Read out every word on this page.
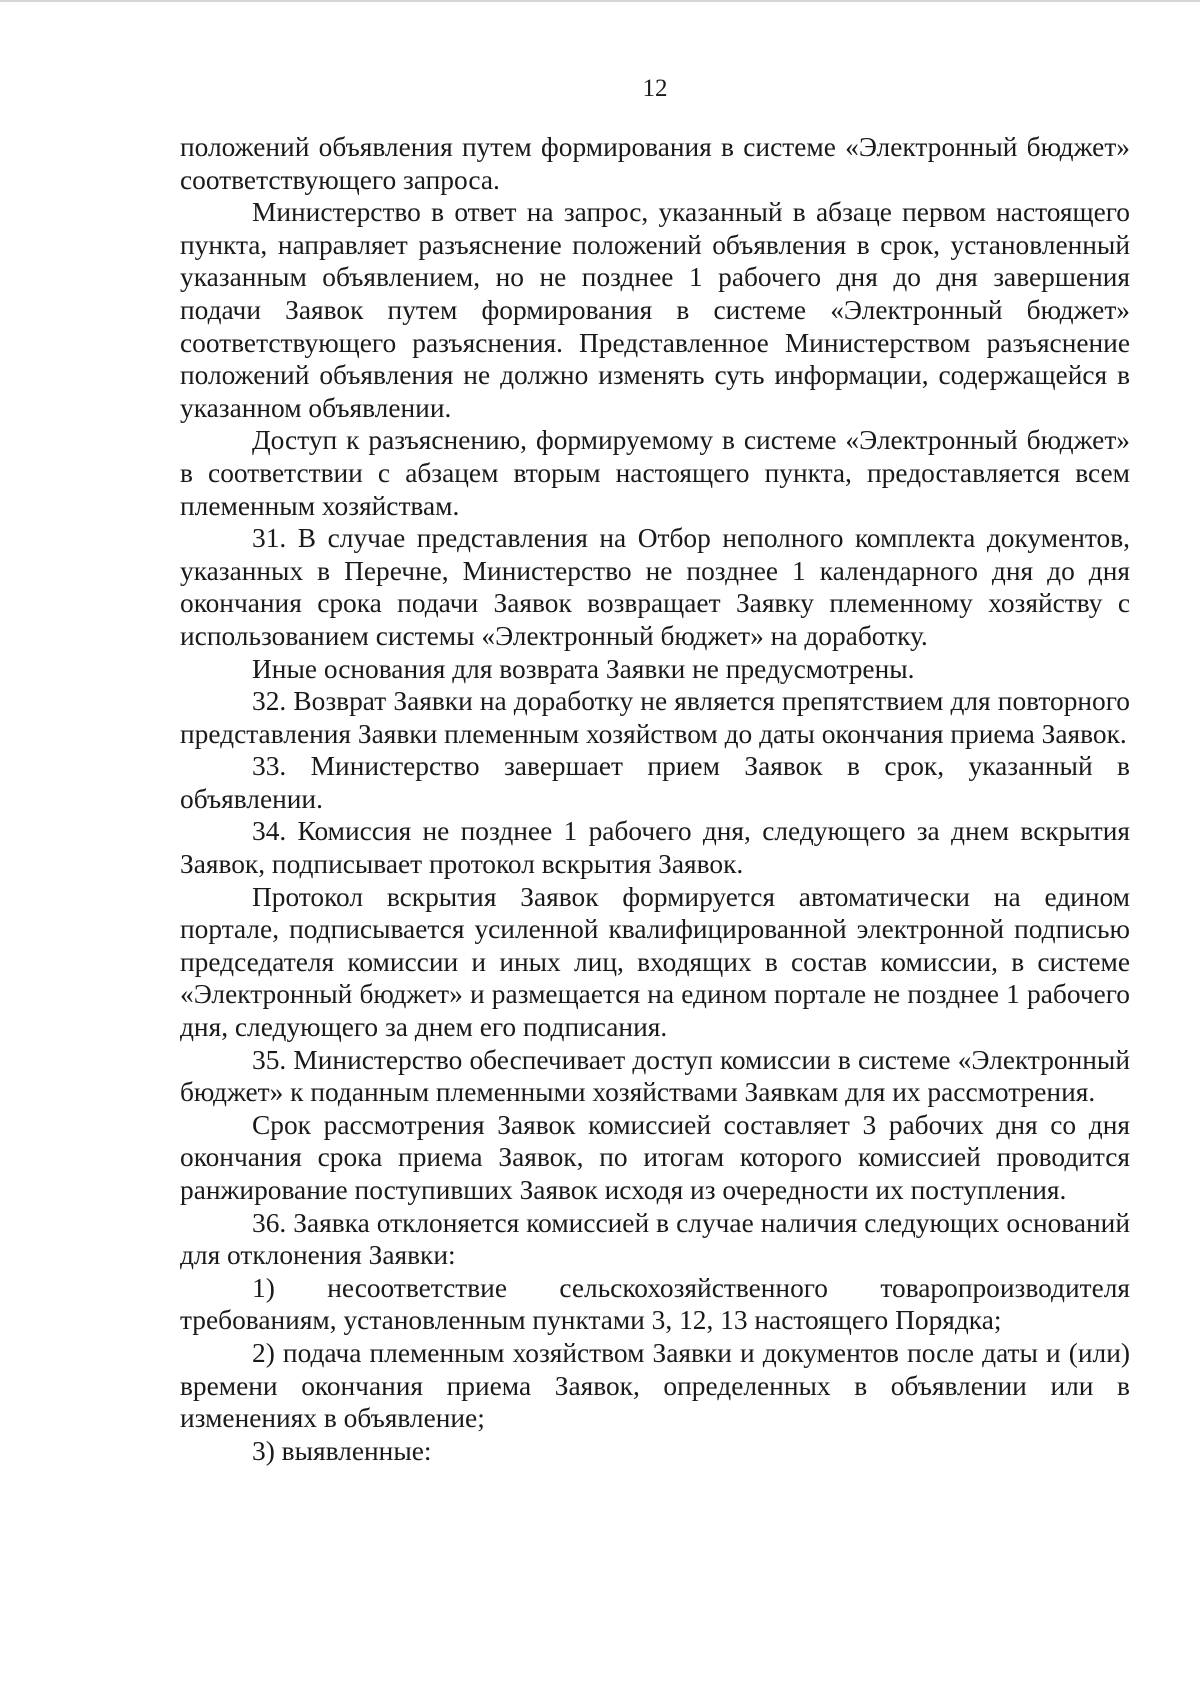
12

положений объявления путем формирования в системе «Электронный бюджет» соответствующего запроса.

Министерство в ответ на запрос, указанный в абзаце первом настоящего пункта, направляет разъяснение положений объявления в срок, установленный указанным объявлением, но не позднее 1 рабочего дня до дня завершения подачи Заявок путем формирования в системе «Электронный бюджет» соответствующего разъяснения. Представленное Министерством разъяснение положений объявления не должно изменять суть информации, содержащейся в указанном объявлении.

Доступ к разъяснению, формируемому в системе «Электронный бюджет» в соответствии с абзацем вторым настоящего пункта, предоставляется всем племенным хозяйствам.

31. В случае представления на Отбор неполного комплекта документов, указанных в Перечне, Министерство не позднее 1 календарного дня до дня окончания срока подачи Заявок возвращает Заявку племенному хозяйству с использованием системы «Электронный бюджет» на доработку.

Иные основания для возврата Заявки не предусмотрены.

32. Возврат Заявки на доработку не является препятствием для повторного представления Заявки племенным хозяйством до даты окончания приема Заявок.

33. Министерство завершает прием Заявок в срок, указанный в объявлении.

34. Комиссия не позднее 1 рабочего дня, следующего за днем вскрытия Заявок, подписывает протокол вскрытия Заявок.

Протокол вскрытия Заявок формируется автоматически на едином портале, подписывается усиленной квалифицированной электронной подписью председателя комиссии и иных лиц, входящих в состав комиссии, в системе «Электронный бюджет» и размещается на едином портале не позднее 1 рабочего дня, следующего за днем его подписания.

35. Министерство обеспечивает доступ комиссии в системе «Электронный бюджет» к поданным племенными хозяйствами Заявкам для их рассмотрения.

Срок рассмотрения Заявок комиссией составляет 3 рабочих дня со дня окончания срока приема Заявок, по итогам которого комиссией проводится ранжирование поступивших Заявок исходя из очередности их поступления.

36. Заявка отклоняется комиссией в случае наличия следующих оснований для отклонения Заявки:

1) несоответствие сельскохозяйственного товаропроизводителя требованиям, установленным пунктами 3, 12, 13 настоящего Порядка;

2) подача племенным хозяйством Заявки и документов после даты и (или) времени окончания приема Заявок, определенных в объявлении или в изменениях в объявление;

3) выявленные:
